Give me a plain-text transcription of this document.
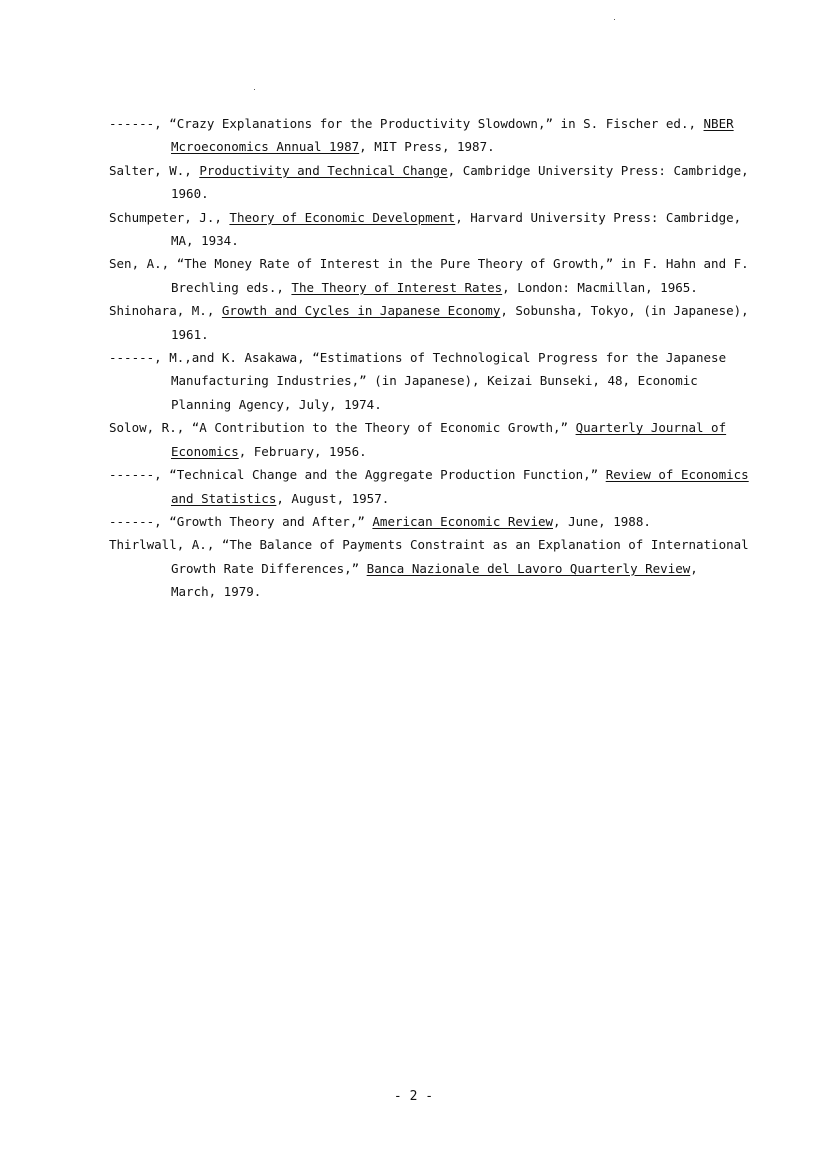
------, “Crazy Explanations for the Productivity Slowdown,” in S. Fischer ed., NBER Mcroeconomics Annual 1987, MIT Press, 1987.
Salter, W., Productivity and Technical Change, Cambridge University Press: Cambridge, 1960.
Schumpeter, J., Theory of Economic Development, Harvard University Press: Cambridge, MA, 1934.
Sen, A., “The Money Rate of Interest in the Pure Theory of Growth,” in F. Hahn and F. Brechling eds., The Theory of Interest Rates, London: Macmillan, 1965.
Shinohara, M., Growth and Cycles in Japanese Economy, Sobunsha, Tokyo, (in Japanese), 1961.
------, M.,and K. Asakawa, “Estimations of Technological Progress for the Japanese Manufacturing Industries,” (in Japanese), Keizai Bunseki, 48, Economic Planning Agency, July, 1974.
Solow, R., “A Contribution to the Theory of Economic Growth,” Quarterly Journal of Economics, February, 1956.
------, “Technical Change and the Aggregate Production Function,” Review of Economics and Statistics, August, 1957.
------, “Growth Theory and After,” American Economic Review, June, 1988.
Thirlwall, A., “The Balance of Payments Constraint as an Explanation of International Growth Rate Differences,” Banca Nazionale del Lavoro Quarterly Review, March, 1979.
- 2 -
